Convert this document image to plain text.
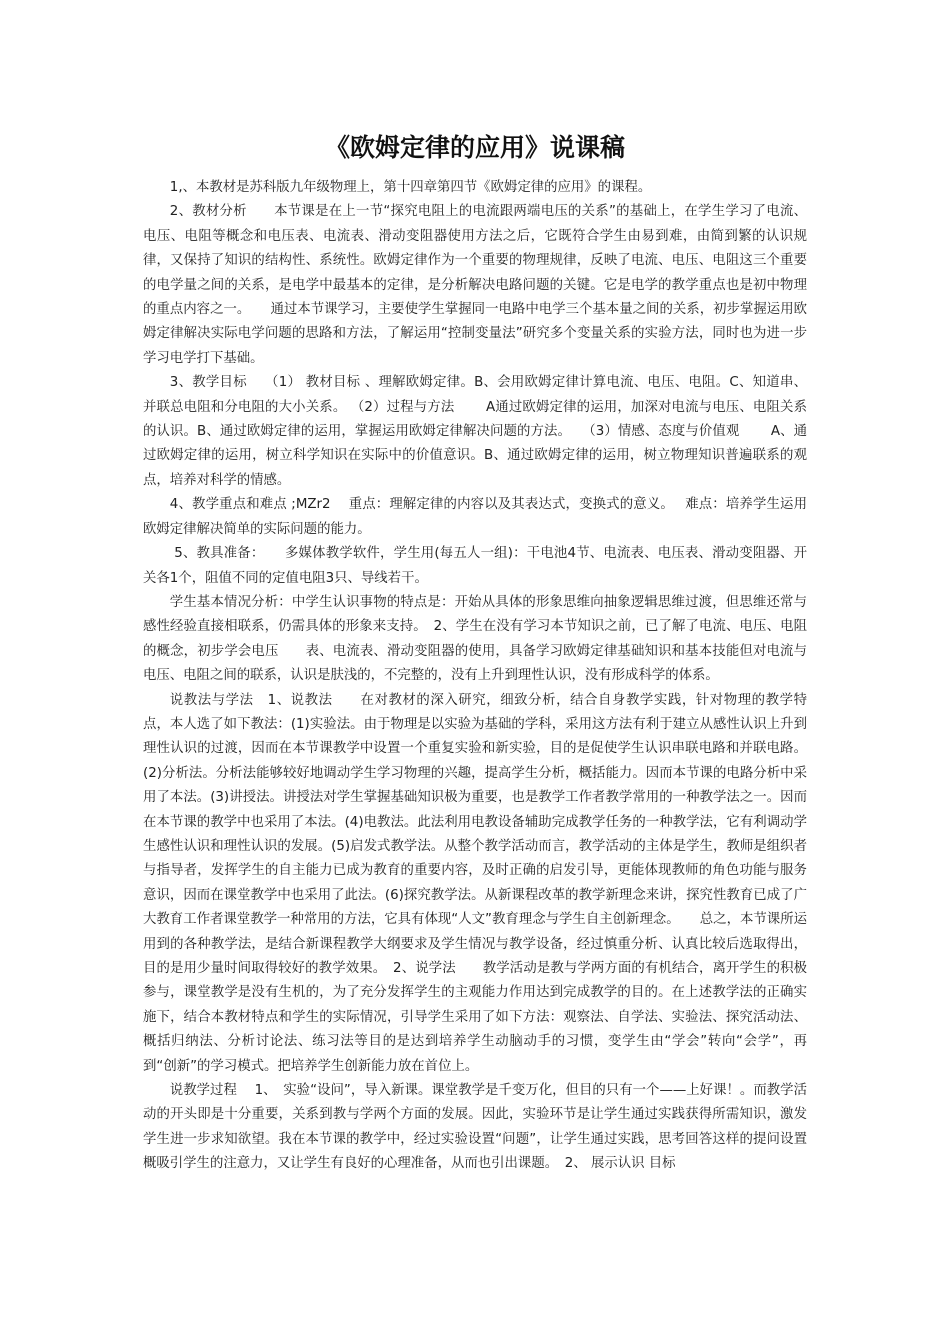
《欧姆定律的应用》说课稿

1,、本教材是苏科版九年级物理上，第十四章第四节《欧姆定律的应用》的课程。

2、教材分析　　本节课是在上一节“探究电阻上的电流跟两端电压的关系”的基础上，在学生学习了电流、电压、电阻等概念和电压表、电流表、滑动变阻器使用方法之后，它既符合学生由易到难，由简到繁的认识规律，又保持了知识的结构性、系统性。欧姆定律作为一个重要的物理规律，反映了电流、电压、电阻这三个重要的电学量之间的关系，是电学中最基本的定律，是分析解决电路问题的关键。它是电学的教学重点也是初中物理的重点内容之一。　　通过本节课学习，主要使学生掌握同一电路中电学三个基本量之间的关系，初步掌握运用欧姆定律解决实际电学问题的思路和方法，了解运用“控制变量法”研究多个变量关系的实验方法，同时也为进一步学习电学打下基础。

3、教学目标　 （1） 教材目标 、理解欧姆定律。B、会用欧姆定律计算电流、电压、电阻。C、知道串、并联总电阻和分电阻的大小关系。 （2）过程与方法　　 A通过欧姆定律的运用，加深对电流与电压、电阻关系的认识。B、通过欧姆定律的运用，掌握运用欧姆定律解决问题的方法。　 （3）情感、态度与价值观　　 A、通过欧姆定律的运用，树立科学知识在实际中的价值意识。B、通过欧姆定律的运用，树立物理知识普遍联系的观点，培养对科学的情感。

4、教学重点和难点 ;MZr2　 重点：理解定律的内容以及其表达式，变换式的意义。　 难点：培养学生运用欧姆定律解决简单的实际问题的能力。

5、教具准备：　　多媒体教学软件，学生用(每五人一组)：干电池4节、电流表、电压表、滑动变阻器、开关各1个，阻值不同的定值电阻3只、导线若干。

学生基本情况分析：中学生认识事物的特点是：开始从具体的形象思维向抽象逻辑思维过渡，但思维还常与感性经验直接相联系，仍需具体的形象来支持。　2、学生在没有学习本节知识之前，已了解了电流、电压、电阻的概念，初步学会电压　　表、电流表、滑动变阻器的使用，具备学习欧姆定律基础知识和基本技能但对电流与电压、电阻之间的联系，认识是肤浅的，不完整的，没有上升到理性认识，没有形成科学的体系。

说教法与学法　1、说教法　　在对教材的深入研究，细致分析，结合自身教学实践，针对物理的教学特点，本人选了如下教法：(1)实验法。由于物理是以实验为基础的学科，采用这方法有利于建立从感性认识上升到理性认识的过渡，因而在本节课教学中设置一个重复实验和新实验，目的是促使学生认识串联电路和并联电路。(2)分析法。分析法能够较好地调动学生学习物理的兴趣，提高学生分析，概括能力。因而本节课的电路分析中采用了本法。(3)讲授法。讲授法对学生掌握基础知识极为重要，也是教学工作者教学常用的一种教学法之一。因而在本节课的教学中也采用了本法。(4)电教法。此法利用电教设备辅助完成教学任务的一种教学法，它有利调动学生感性认识和理性认识的发展。(5)启发式教学法。从整个教学活动而言，教学活动的主体是学生，教师是组织者与指导者，发挥学生的自主能力已成为教育的重要内容，及时正确的启发引导，更能体现教师的角色功能与服务意识，因而在课堂教学中也采用了此法。(6)探究教学法。从新课程改革的教学新理念来讲，探究性教育已成了广大教育工作者课堂教学一种常用的方法，它具有体现“人文”教育理念与学生自主创新理念。　　总之，本节课所运用到的各种教学法，是结合新课程教学大纲要求及学生情况与教学设备，经过慎重分析、认真比较后选取得出，目的是用少量时间取得较好的教学效果。　2、说学法　　教学活动是教与学两方面的有机结合，离开学生的积极参与，课堂教学是没有生机的，为了充分发挥学生的主观能力作用达到完成教学的目的。在上述教学法的正确实施下，结合本教材特点和学生的实际情况，引导学生采用了如下方法：观察法、自学法、实验法、探究活动法、概括归纳法、分析讨论法、练习法等目的是达到培养学生动脑动手的习惯，变学生由“学会”转向“会学”，再到“创新”的学习模式。把培养学生创新能力放在首位上。

说教学过程　 1、　实验“设问”，导入新课。课堂教学是千变万化，但目的只有一个——上好课！。而教学活动的开头即是十分重要，关系到教与学两个方面的发展。因此，实验环节是让学生通过实践获得所需知识，激发学生进一步求知欲望。我在本节课的教学中，经过实验设置“问题”，让学生通过实践，思考回答这样的提问设置概吸引学生的注意力，又让学生有良好的心理准备，从而也引出课题。　2、 展示认识 目标
